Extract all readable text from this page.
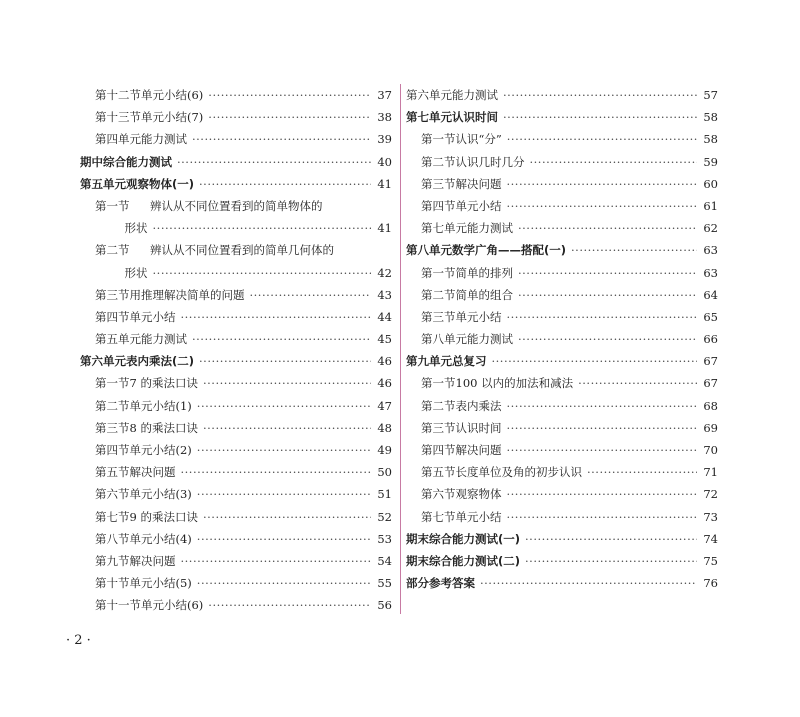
第十二节 单元小结(6) ·····	37
第十三节 单元小结(7) ·····	38
第四单元能力测试 ·····	39
期中综合能力测试 ·····	40
第五单元 观察物体(一) ·····	41
第一节	辨认从不同位置看到的简单物体的
形状 ·····	41
第二节	辨认从不同位置看到的简单几何体的
形状 ·····	42
第三节 用推理解决简单的问题 ·····	43
第四节 单元小结 ·····	44
第五单元能力测试 ·····	45
第六单元 表内乘法(二) ·····	46
第一节 7 的乘法口诀 ·····	46
第二节 单元小结(1) ·····	47
第三节 8 的乘法口诀 ·····	48
第四节 单元小结(2) ·····	49
第五节 解决问题 ·····	50
第六节 单元小结(3) ·····	51
第七节 9 的乘法口诀 ·····	52
第八节 单元小结(4) ·····	53
第九节 解决问题 ·····	54
第十节 单元小结(5) ·····	55
第十一节 单元小结(6) ·····	56
第六单元能力测试 ·····	57
第七单元 认识时间 ·····	58
第一节 认识“分” ·····	58
第二节 认识几时几分 ·····	59
第三节 解决问题 ·····	60
第四节 单元小结 ·····	61
第七单元能力测试 ·····	62
第八单元 数学广角——搭配(一) ·····	63
第一节 简单的排列 ·····	63
第二节 简单的组合 ·····	64
第三节 单元小结 ·····	65
第八单元能力测试 ·····	66
第九单元 总复习 ·····	67
第一节 100 以内的加法和减法 ·····	67
第二节 表内乘法 ·····	68
第三节 认识时间 ·····	69
第四节 解决问题 ·····	70
第五节 长度单位及角的初步认识 ·····	71
第六节 观察物体 ·····	72
第七节 单元小结 ·····	73
期末综合能力测试(一) ·····	74
期末综合能力测试(二) ·····	75
部分参考答案 ·····	76
· 2 ·
